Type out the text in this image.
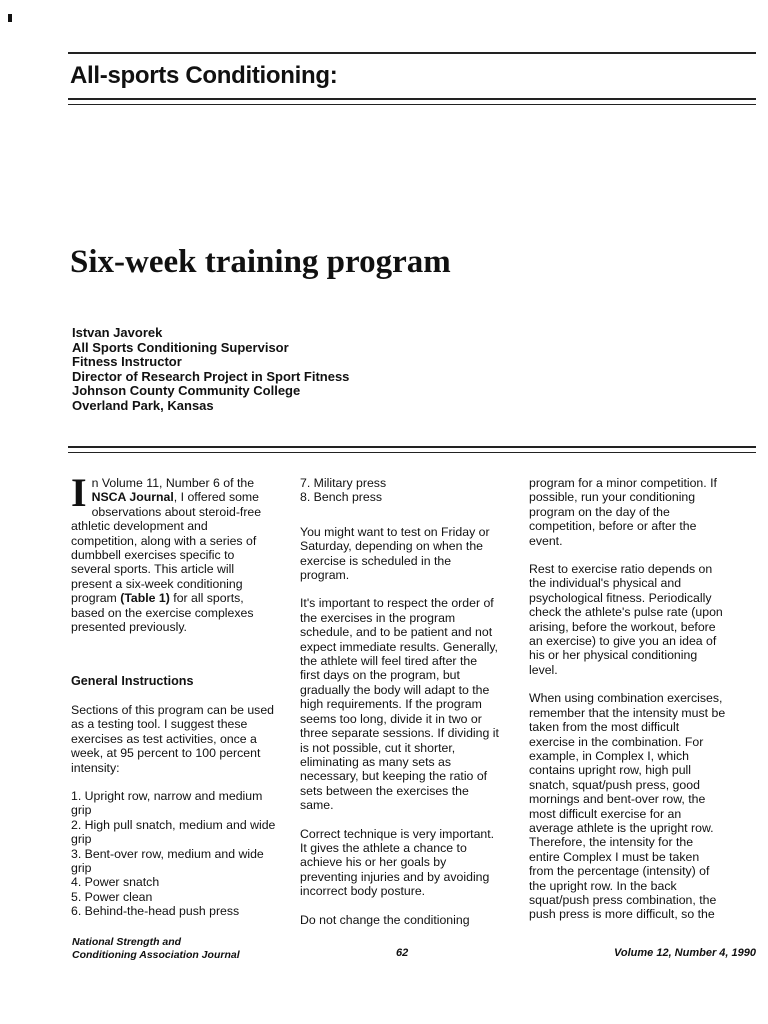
All-sports Conditioning:
Six-week training program
Istvan Javorek
All Sports Conditioning Supervisor
Fitness Instructor
Director of Research Project in Sport Fitness
Johnson County Community College
Overland Park, Kansas

In Volume 11, Number 6 of the NSCA Journal, I offered some observations about steroid-free athletic development and competition, along with a series of dumbbell exercises specific to several sports. This article will present a six-week conditioning program (Table 1) for all sports, based on the exercise complexes presented previously.

General Instructions

Sections of this program can be used as a testing tool. I suggest these exercises as test activities, once a week, at 95 percent to 100 percent intensity:

1. Upright row, narrow and medium grip
2. High pull snatch, medium and wide grip
3. Bent-over row, medium and wide grip
4. Power snatch
5. Power clean
6. Behind-the-head push press
7. Military press
8. Bench press

You might want to test on Friday or Saturday, depending on when the exercise is scheduled in the program.

It's important to respect the order of the exercises in the program schedule, and to be patient and not expect immediate results. Generally, the athlete will feel tired after the first days on the program, but gradually the body will adapt to the high requirements. If the program seems too long, divide it in two or three separate sessions. If dividing it is not possible, cut it shorter, eliminating as many sets as necessary, but keeping the ratio of sets between the exercises the same.

Correct technique is very important. It gives the athlete a chance to achieve his or her goals by preventing injuries and by avoiding incorrect body posture.

Do not change the conditioning

program for a minor competition. If possible, run your conditioning program on the day of the competition, before or after the event.

Rest to exercise ratio depends on the individual's physical and psychological fitness. Periodically check the athlete's pulse rate (upon arising, before the workout, before an exercise) to give you an idea of his or her physical conditioning level.

When using combination exercises, remember that the intensity must be taken from the most difficult exercise in the combination. For example, in Complex I, which contains upright row, high pull snatch, squat/push press, good mornings and bent-over row, the most difficult exercise for an average athlete is the upright row. Therefore, the intensity for the entire Complex I must be taken from the percentage (intensity) of the upright row. In the back squat/push press combination, the push press is more difficult, so the

National Strength and
Conditioning Association Journal	62	Volume 12, Number 4, 1990
